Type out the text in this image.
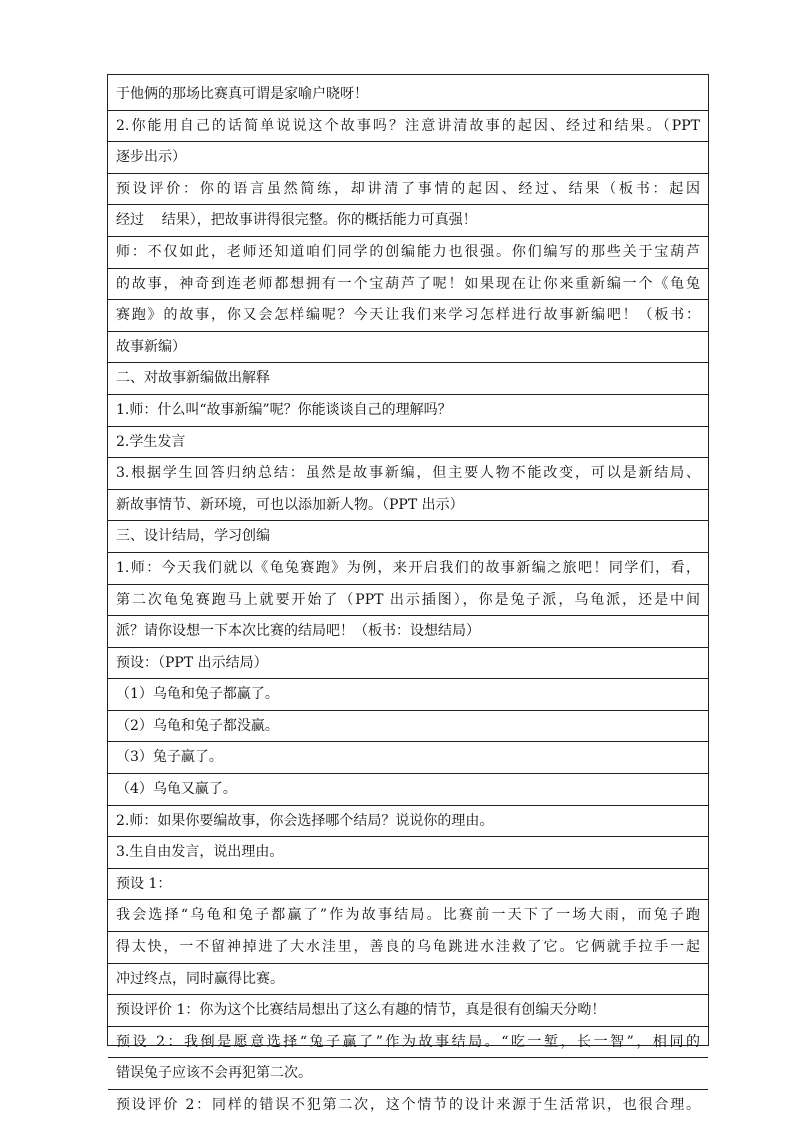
于他俩的那场比赛真可谓是家喻户晓呀！
2.你能用自己的话简单说说这个故事吗？注意讲清故事的起因、经过和结果。（PPT
逐步出示）
预设评价：你的语言虽然简练，却讲清了事情的起因、经过、结果（板书：起因
经过    结果），把故事讲得很完整。你的概括能力可真强！
师：不仅如此，老师还知道咱们同学的创编能力也很强。你们编写的那些关于宝葫芦
的故事，神奇到连老师都想拥有一个宝葫芦了呢！如果现在让你来重新编一个《龟兔
赛跑》的故事，你又会怎样编呢？今天让我们来学习怎样进行故事新编吧！（板书：
故事新编）
二、对故事新编做出解释
1.师：什么叫“故事新编”呢？你能谈谈自己的理解吗？
2.学生发言
3.根据学生回答归纳总结：虽然是故事新编，但主要人物不能改变，可以是新结局、
新故事情节、新环境，可也以添加新人物。（PPT 出示）
三、设计结局，学习创编
1.师：今天我们就以《龟兔赛跑》为例，来开启我们的故事新编之旅吧！同学们，看，
第二次龟兔赛跑马上就要开始了（PPT 出示插图），你是兔子派，乌龟派，还是中间
派？请你设想一下本次比赛的结局吧！（板书：设想结局）
预设：（PPT 出示结局）
（1）乌龟和兔子都赢了。
（2）乌龟和兔子都没赢。
（3）兔子赢了。
（4）乌龟又赢了。
2.师：如果你要编故事，你会选择哪个结局？说说你的理由。
3.生自由发言，说出理由。
预设 1：
我会选择“乌龟和兔子都赢了”作为故事结局。比赛前一天下了一场大雨，而兔子跑
得太快，一不留神掉进了大水洼里，善良的乌龟跳进水洼救了它。它俩就手拉手一起
冲过终点，同时赢得比赛。
预设评价 1：你为这个比赛结局想出了这么有趣的情节，真是很有创编天分呦！
预设 2：我倒是愿意选择“兔子赢了”作为故事结局。“吃一堑，长一智”，相同的
错误兔子应该不会再犯第二次。
预设评价 2：同样的错误不犯第二次，这个情节的设计来源于生活常识，也很合理。
